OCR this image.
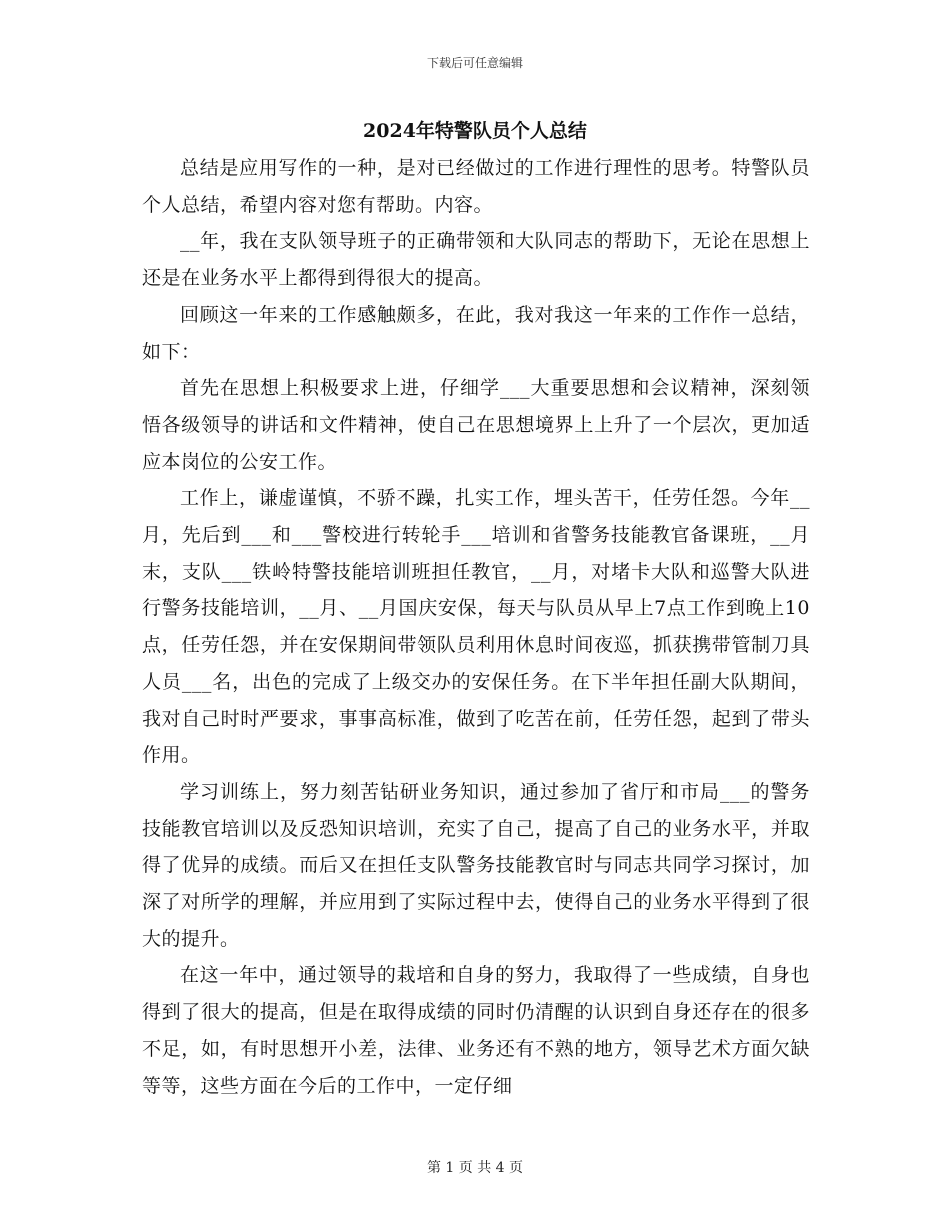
下载后可任意编辑
2024年特警队员个人总结

总结是应用写作的一种，是对已经做过的工作进行理性的思考。特警队员个人总结，希望内容对您有帮助。内容。

__年，我在支队领导班子的正确带领和大队同志的帮助下，无论在思想上还是在业务水平上都得到得很大的提高。

回顾这一年来的工作感触颇多，在此，我对我这一年来的工作作一总结，如下：

首先在思想上积极要求上进，仔细学___大重要思想和会议精神，深刻领悟各级领导的讲话和文件精神，使自己在思想境界上上升了一个层次，更加适应本岗位的公安工作。

工作上，谦虚谨慎，不骄不躁，扎实工作，埋头苦干，任劳任怨。今年__月，先后到___和___警校进行转轮手___培训和省警务技能教官备课班，__月末，支队___铁岭特警技能培训班担任教官，__月，对堵卡大队和巡警大队进行警务技能培训，__月、__月国庆安保，每天与队员从早上7点工作到晚上10点，任劳任怨，并在安保期间带领队员利用休息时间夜巡，抓获携带管制刀具人员___名，出色的完成了上级交办的安保任务。在下半年担任副大队期间，我对自己时时严要求，事事高标准，做到了吃苦在前，任劳任怨，起到了带头作用。

学习训练上，努力刻苦钻研业务知识，通过参加了省厅和市局___的警务技能教官培训以及反恐知识培训，充实了自己，提高了自己的业务水平，并取得了优异的成绩。而后又在担任支队警务技能教官时与同志共同学习探讨，加深了对所学的理解，并应用到了实际过程中去，使得自己的业务水平得到了很大的提升。

在这一年中，通过领导的栽培和自身的努力，我取得了一些成绩，自身也得到了很大的提高，但是在取得成绩的同时仍清醒的认识到自身还存在的很多不足，如，有时思想开小差，法律、业务还有不熟的地方，领导艺术方面欠缺等等，这些方面在今后的工作中，一定仔细

第 1 页 共 4 页
